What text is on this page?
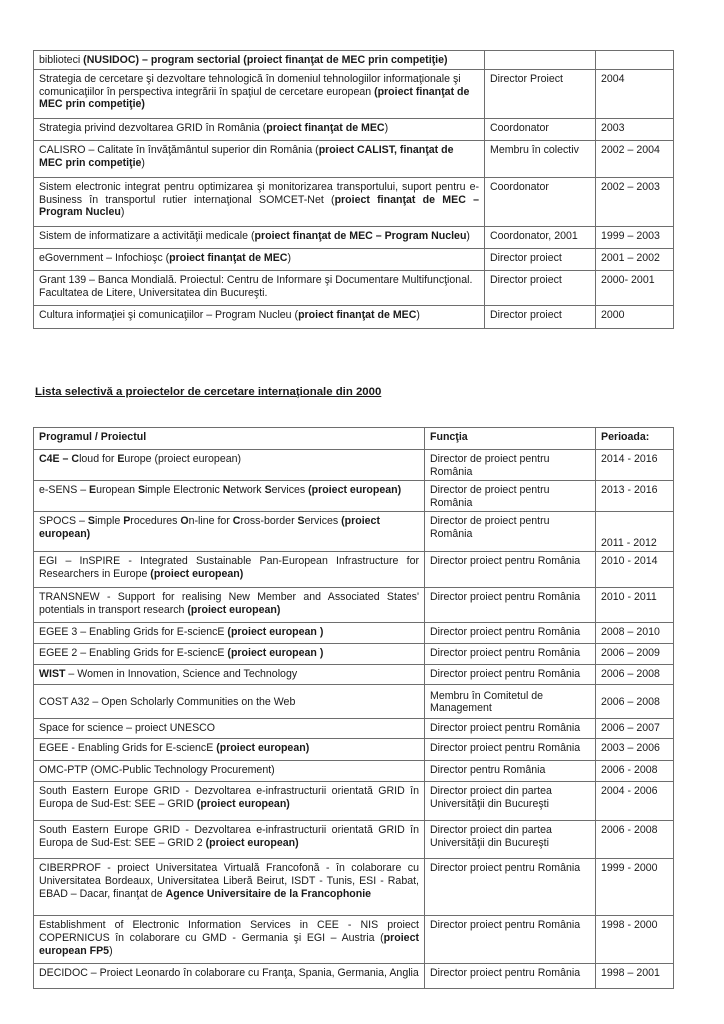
biblioteci (NUSIDOC) – program sectorial (proiect finanţat de MEC prin competiţie)		
Strategia de cercetare şi dezvoltare tehnologică în domeniul tehnologiilor informaţionale şi comunicaţiilor în perspectiva integrării în spaţiul de cercetare european (proiect finanţat de MEC prin competiţie)	Director Proiect	2004
Strategia privind dezvoltarea GRID în România (proiect finanţat de MEC)	Coordonator	2003
CALISRO – Calitate în învăţământul superior din România (proiect CALIST, finanţat de MEC prin competiţie)	Membru în colectiv	2002 – 2004
Sistem electronic integrat pentru optimizarea şi monitorizarea transportului, suport pentru e-Business în transportul rutier internaţional SOMCET-Net (proiect finanţat de MEC – Program Nucleu)	Coordonator	2002 – 2003
Sistem de informatizare a activităţii medicale (proiect finanţat de MEC – Program Nucleu)	Coordonator, 2001	1999 – 2003
eGovernment – Infochioşc (proiect finanţat de MEC)	Director proiect	2001 – 2002
Grant 139 – Banca Mondială. Proiectul: Centru de Informare şi Documentare Multifuncţional. Facultatea de Litere, Universitatea din Bucureşti.	Director proiect	2000- 2001
Cultura informaţiei şi comunicaţiilor – Program Nucleu (proiect finanţat de MEC)	Director proiect	2000
Lista selectivă a proiectelor de cercetare internaţionale din 2000
Programul / Proiectul	Funcţia	Perioada:
C4E – Cloud for Europe (proiect european)	Director de proiect pentru România	2014 - 2016
e-SENS – European Simple Electronic Network Services (proiect european)	Director de proiect pentru România	2013 - 2016
SPOCS – Simple Procedures On-line for Cross-border Services (proiect european)	Director de proiect pentru România	2011 - 2012
EGI – InSPIRE - Integrated Sustainable Pan-European Infrastructure for Researchers in Europe (proiect european)	Director proiect pentru România	2010 - 2014
TRANSNEW - Support for realising New Member and Associated States' potentials in transport research (proiect european)	Director proiect pentru România	2010 - 2011
EGEE 3 – Enabling Grids for E-sciencE (proiect european )	Director proiect pentru România	2008 – 2010
EGEE 2 – Enabling Grids for E-sciencE (proiect european )	Director proiect pentru România	2006 – 2009
WIST – Women in Innovation, Science and Technology	Director proiect pentru România	2006 – 2008
COST A32 – Open Scholarly Communities on the Web	Membru în Comitetul de Management	2006 – 2008
Space for science – proiect UNESCO	Director proiect pentru România	2006 – 2007
EGEE - Enabling Grids for E-sciencE (proiect european)	Director proiect pentru România	2003 – 2006
OMC-PTP (OMC-Public Technology Procurement)	Director pentru România	2006 - 2008
South Eastern Europe GRID - Dezvoltarea e-infrastructurii orientată GRID în Europa de Sud-Est: SEE – GRID (proiect european)	Director proiect din partea Universităţii din Bucureşti	2004 - 2006
South Eastern Europe GRID - Dezvoltarea e-infrastructurii orientată GRID în Europa de Sud-Est: SEE – GRID 2 (proiect european)	Director proiect din partea Universităţii din Bucureşti	2006 - 2008
CIBERPROF - proiect Universitatea Virtuală Francofonă - în colaborare cu Universitatea Bordeaux, Universitatea Liberă Beirut, ISDT - Tunis, ESI - Rabat, EBAD – Dacar, finanţat de Agence Universitaire de la Francophonie	Director proiect pentru România	1999 - 2000
Establishment of Electronic Information Services in CEE - NIS proiect COPERNICUS în colaborare cu GMD - Germania şi EGI – Austria (proiect european FP5)	Director proiect pentru România	1998 - 2000
DECIDOC – Proiect Leonardo în colaborare cu Franţa, Spania, Germania, Anglia	Director proiect pentru România	1998 – 2001
